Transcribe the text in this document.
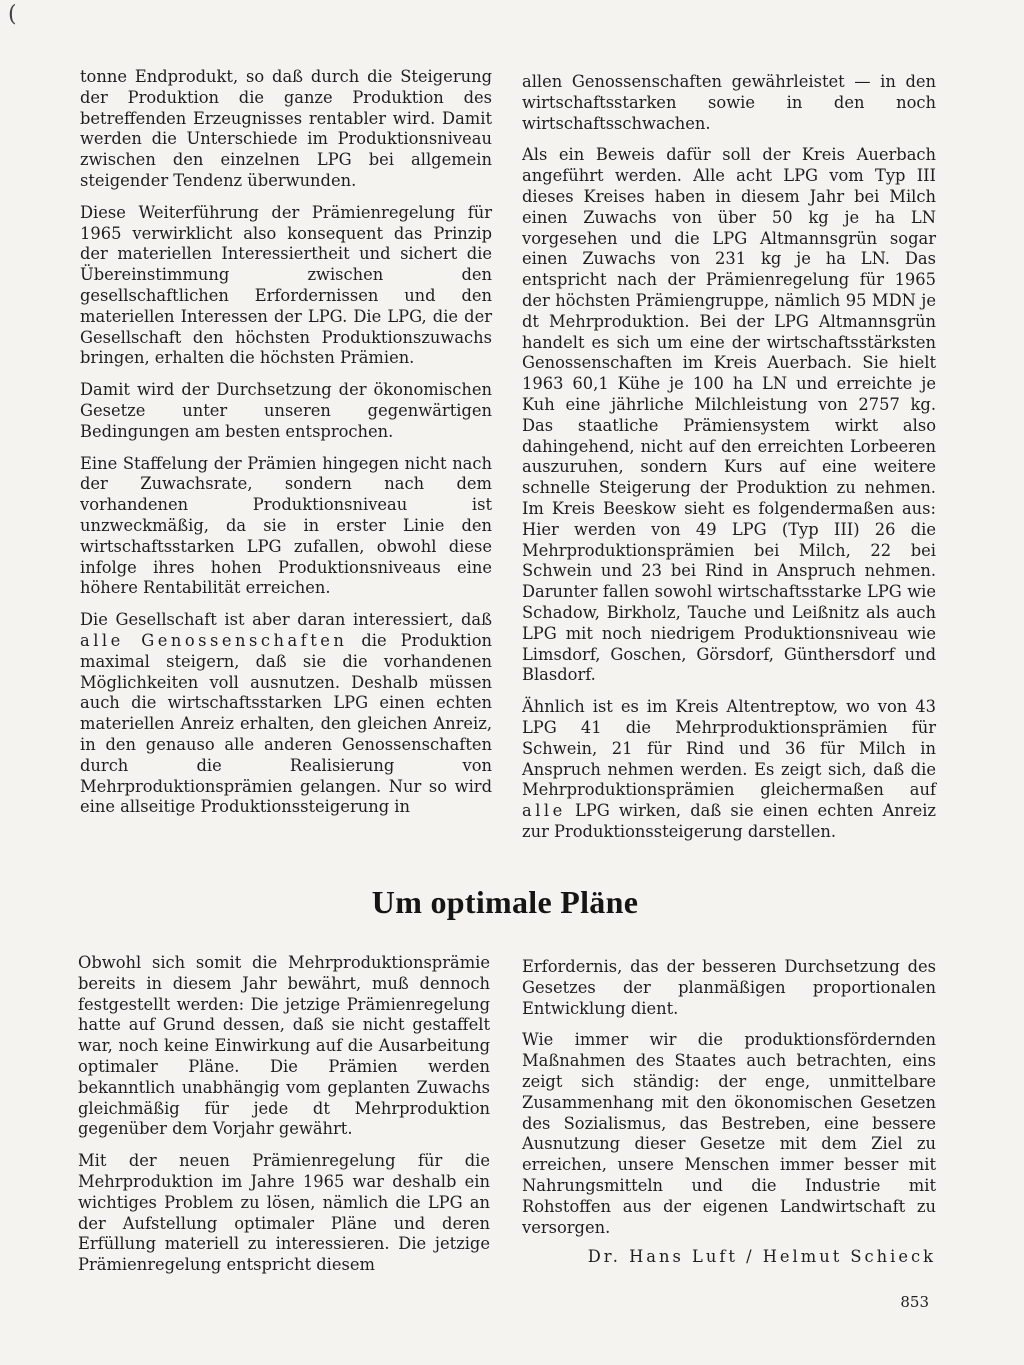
(

tonne Endprodukt, so daß durch die Steigerung der Produktion die ganze Produktion des betreffenden Erzeugnisses rentabler wird. Damit werden die Unterschiede im Produktionsniveau zwischen den einzelnen LPG bei allgemein steigender Tendenz überwunden.

Diese Weiterführung der Prämienregelung für 1965 verwirklicht also konsequent das Prinzip der materiellen Interessiertheit und sichert die Übereinstimmung zwischen den gesellschaftlichen Erfordernissen und den materiellen Interessen der LPG. Die LPG, die der Gesellschaft den höchsten Produktionszuwachs bringen, erhalten die höchsten Prämien.

Damit wird der Durchsetzung der ökonomischen Gesetze unter unseren gegenwärtigen Bedingungen am besten entsprochen.

Eine Staffelung der Prämien hingegen nicht nach der Zuwachsrate, sondern nach dem vorhandenen Produktionsniveau ist unzweckmäßig, da sie in erster Linie den wirtschaftsstarken LPG zufallen, obwohl diese infolge ihres hohen Produktionsniveaus eine höhere Rentabilität erreichen.

Die Gesellschaft ist aber daran interessiert, daß alle Genossenschaften die Produktion maximal steigern, daß sie die vorhandenen Möglichkeiten voll ausnutzen. Deshalb müssen auch die wirtschaftsstarken LPG einen echten materiellen Anreiz erhalten, den gleichen Anreiz, in den genauso alle anderen Genossenschaften durch die Realisierung von Mehrproduktionsprämien gelangen. Nur so wird eine allseitige Produktionssteigerung in

allen Genossenschaften gewährleistet — in den wirtschaftsstarken sowie in den noch wirtschaftsschwachen.

Als ein Beweis dafür soll der Kreis Auerbach angeführt werden. Alle acht LPG vom Typ III dieses Kreises haben in diesem Jahr bei Milch einen Zuwachs von über 50 kg je ha LN vorgesehen und die LPG Altmannsgrün sogar einen Zuwachs von 231 kg je ha LN. Das entspricht nach der Prämienregelung für 1965 der höchsten Prämiengruppe, nämlich 95 MDN je dt Mehrproduktion. Bei der LPG Altmannsgrün handelt es sich um eine der wirtschaftsstärksten Genossenschaften im Kreis Auerbach. Sie hielt 1963 60,1 Kühe je 100 ha LN und erreichte je Kuh eine jährliche Milchleistung von 2757 kg. Das staatliche Prämiensystem wirkt also dahingehend, nicht auf den erreichten Lorbeeren auszuruhen, sondern Kurs auf eine weitere schnelle Steigerung der Produktion zu nehmen. Im Kreis Beeskow sieht es folgendermaßen aus: Hier werden von 49 LPG (Typ III) 26 die Mehrproduktionsprämien bei Milch, 22 bei Schwein und 23 bei Rind in Anspruch nehmen. Darunter fallen sowohl wirtschaftsstarke LPG wie Schadow, Birkholz, Tauche und Leißnitz als auch LPG mit noch niedrigem Produktionsniveau wie Limsdorf, Goschen, Görsdorf, Günthersdorf und Blasdorf.

Ähnlich ist es im Kreis Altentreptow, wo von 43 LPG 41 die Mehrproduktionsprämien für Schwein, 21 für Rind und 36 für Milch in Anspruch nehmen werden. Es zeigt sich, daß die Mehrproduktionsprämien gleichermaßen auf alle LPG wirken, daß sie einen echten Anreiz zur Produktionssteigerung darstellen.

Um optimale Pläne

Obwohl sich somit die Mehrproduktionsprämie bereits in diesem Jahr bewährt, muß dennoch festgestellt werden: Die jetzige Prämienregelung hatte auf Grund dessen, daß sie nicht gestaffelt war, noch keine Einwirkung auf die Ausarbeitung optimaler Pläne. Die Prämien werden bekanntlich unabhängig vom geplanten Zuwachs gleichmäßig für jede dt Mehrproduktion gegenüber dem Vorjahr gewährt.

Mit der neuen Prämienregelung für die Mehrproduktion im Jahre 1965 war deshalb ein wichtiges Problem zu lösen, nämlich die LPG an der Aufstellung optimaler Pläne und deren Erfüllung materiell zu interessieren. Die jetzige Prämienregelung entspricht diesem

Erfordernis, das der besseren Durchsetzung des Gesetzes der planmäßigen proportionalen Entwicklung dient.

Wie immer wir die produktionsfördernden Maßnahmen des Staates auch betrachten, eins zeigt sich ständig: der enge, unmittelbare Zusammenhang mit den ökonomischen Gesetzen des Sozialismus, das Bestreben, eine bessere Ausnutzung dieser Gesetze mit dem Ziel zu erreichen, unsere Menschen immer besser mit Nahrungsmitteln und die Industrie mit Rohstoffen aus der eigenen Landwirtschaft zu versorgen.

Dr. Hans Luft / Helmut Schieck
853
